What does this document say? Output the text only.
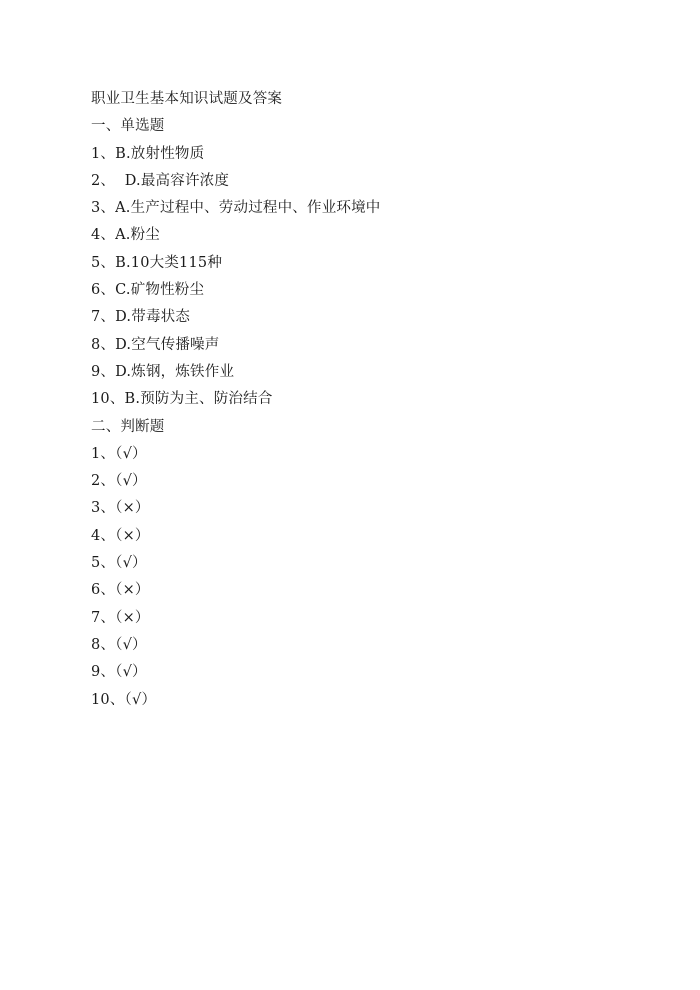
职业卫生基本知识试题及答案
一、单选题
1、B.放射性物质
2、  D.最高容许浓度
3、A.生产过程中、劳动过程中、作业环境中
4、A.粉尘
5、B.10大类115种
6、C.矿物性粉尘
7、D.带毒状态
8、D.空气传播噪声
9、D.炼钢，炼铁作业
10、B.预防为主、防治结合
二、判断题
1、（√）
2、（√）
3、（×）
4、（×）
5、（√）
6、（×）
7、（×）
8、（√）
9、（√）
10、（√）
